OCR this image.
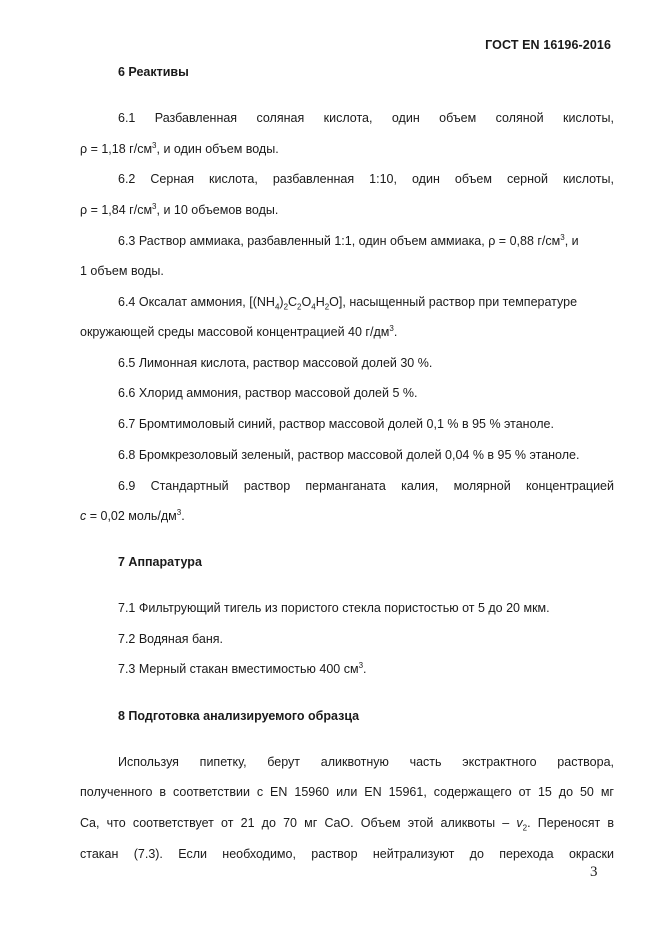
ГОСТ EN 16196-2016
6 Реактивы
6.1 Разбавленная соляная кислота, один объем соляной кислоты,
ρ = 1,18 $г/см^3$, и один объем воды.
6.2 Серная кислота, разбавленная 1:10, один объем серной кислоты,
ρ = 1,84 $г/см^3$, и 10 объемов воды.
6.3 Раствор аммиака, разбавленный 1:1, один объем аммиака, ρ = 0,88 $г/см^3$, и
1 объем воды.
6.4 Оксалат аммония, $[(NH_4)_2C_2O_4H_2O]$, насыщенный раствор при температуре
окружающей среды массовой концентрацией 40 $г/дм^3$.
6.5 Лимонная кислота, раствор массовой долей 30 %.
6.6 Хлорид аммония, раствор массовой долей 5 %.
6.7 Бромтимоловый синий, раствор массовой долей 0,1 % в 95 % этаноле.
6.8 Бромкрезоловый зеленый, раствор массовой долей 0,04 % в 95 % этаноле.
6.9 Стандартный раствор перманганата калия, молярной концентрацией
c = 0,02 моль/$дм^3$.
7 Аппаратура
7.1 Фильтрующий тигель из пористого стекла пористостью от 5 до 20 мкм.
7.2 Водяная баня.
7.3 Мерный стакан вместимостью 400 $см^3$.
8 Подготовка анализируемого образца
Используя пипетку, берут аликвотную часть экстрактного раствора,
полученного в соответствии с EN 15960 или EN 15961, содержащего от 15 до 50 мг
Ca, что соответствует от 21 до 70 мг CaO. Объем этой аликвоты – $v_2$. Переносят в
стакан (7.3). Если необходимо, раствор нейтрализуют до перехода окраски
3
